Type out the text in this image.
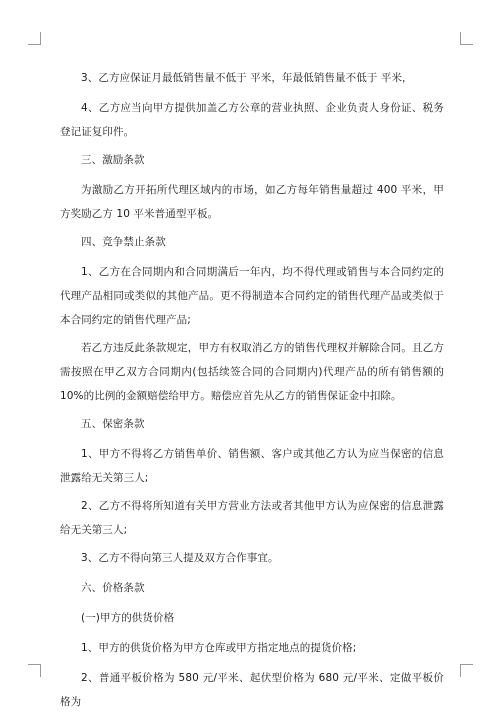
3、乙方应保证月最低销售量不低于 平米，年最低销售量不低于 平米，

4、乙方应当向甲方提供加盖乙方公章的营业执照、企业负责人身份证、税务登记证复印件。

三、激励条款

为激励乙方开拓所代理区域内的市场，如乙方每年销售量超过 400 平米，甲方奖励乙方 10 平米普通型平板。

四、竞争禁止条款

1、乙方在合同期内和合同期满后一年内，均不得代理或销售与本合同约定的代理产品相同或类似的其他产品。更不得制造本合同约定的销售代理产品或类似于本合同约定的销售代理产品;

若乙方违反此条款规定，甲方有权取消乙方的销售代理权并解除合同。且乙方需按照在甲乙双方合同期内(包括续签合同的合同期内)代理产品的所有销售额的 10%的比例的金额赔偿给甲方。赔偿应首先从乙方的销售保证金中扣除。

五、保密条款

1、甲方不得将乙方销售单价、销售额、客户或其他乙方认为应当保密的信息泄露给无关第三人;

2、乙方不得将所知道有关甲方营业方法或者其他甲方认为应保密的信息泄露给无关第三人;

3、乙方不得向第三人提及双方合作事宜。

六、价格条款

(一)甲方的供货价格

1、甲方的供货价格为甲方仓库或甲方指定地点的提货价格;

2、普通平板价格为 580 元/平米、起伏型价格为 680 元/平米、定做平板价格为
